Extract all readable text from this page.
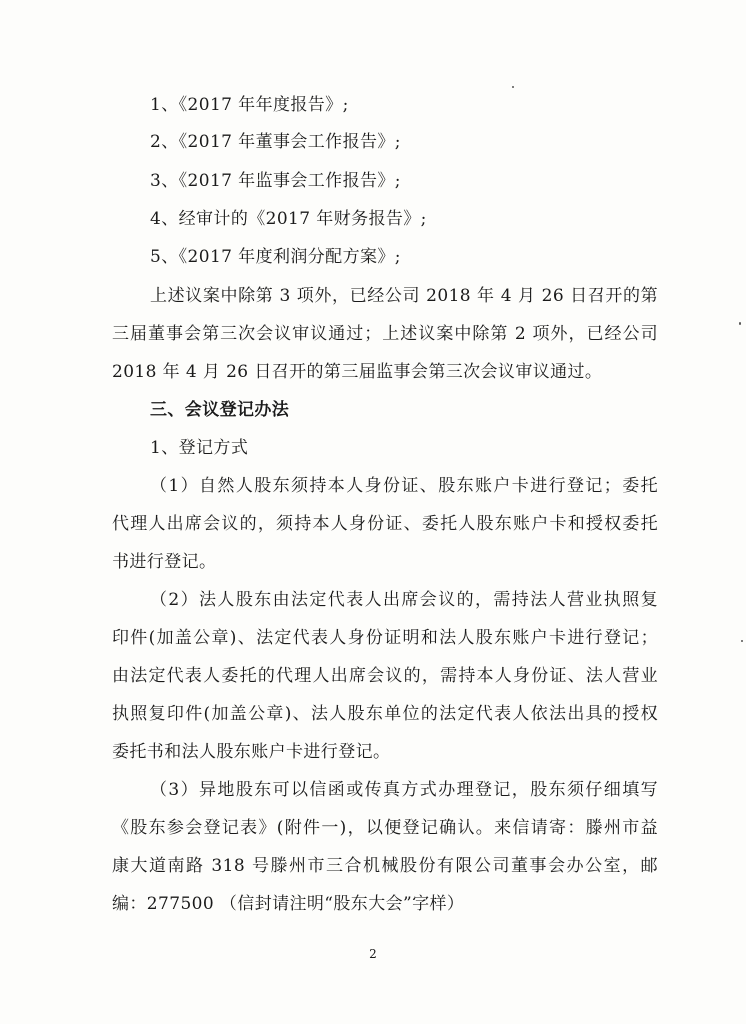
1、《2017 年年度报告》;
2、《2017 年董事会工作报告》;
3、《2017 年监事会工作报告》;
4、经审计的《2017 年财务报告》;
5、《2017 年度利润分配方案》;
上述议案中除第 3 项外，已经公司 2018 年 4 月 26 日召开的第
三届董事会第三次会议审议通过；上述议案中除第 2 项外，已经公司
2018 年 4 月 26 日召开的第三届监事会第三次会议审议通过。
三、会议登记办法
1、登记方式
（1）自然人股东须持本人身份证、股东账户卡进行登记；委托
代理人出席会议的，须持本人身份证、委托人股东账户卡和授权委托
书进行登记。
（2）法人股东由法定代表人出席会议的，需持法人营业执照复
印件(加盖公章)、法定代表人身份证明和法人股东账户卡进行登记；
由法定代表人委托的代理人出席会议的，需持本人身份证、法人营业
执照复印件(加盖公章)、法人股东单位的法定代表人依法出具的授权
委托书和法人股东账户卡进行登记。
（3）异地股东可以信函或传真方式办理登记，股东须仔细填写
《股东参会登记表》(附件一)，以便登记确认。来信请寄：滕州市益
康大道南路 318 号滕州市三合机械股份有限公司董事会办公室，邮
编：277500 （信封请注明“股东大会”字样）
2
